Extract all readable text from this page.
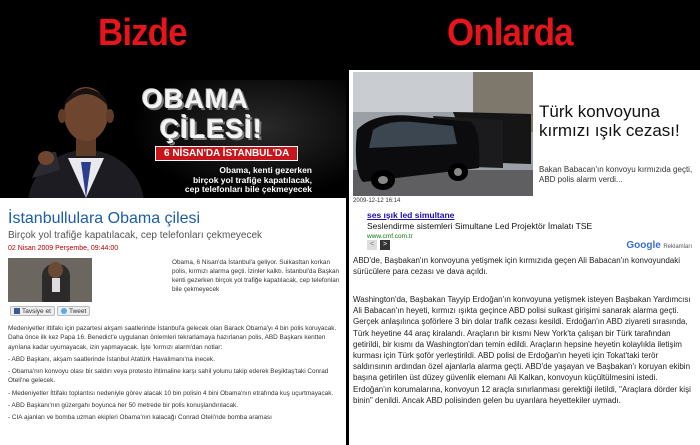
Bizde	Onlarda
OBAMA
ÇİLESİ!
6 NİSAN'DA İSTANBUL'DA
Obama, kenti gezerken
birçok yol trafiğe kapatılacak,
cep telefonları bile çekmeyecek
İstanbullulara Obama çilesi
Birçok yol trafiğe kapatılacak, cep telefonları çekmeyecek
02 Nisan 2009 Perşembe, 09:44:00
Tavsiye et	Tweet
Obama, 6 Nisan'da İstanbul'a geliyor. Suikasttan korkan polis, kırmızı alarma geçti. İzinler kalktı. İstanbul'da Başkan kenti gezerken birçok yol trafiğe kapatılacak, cep telefonları bile çekmeyecek

Medeniyetler ittifakı için pazartesi akşam saatlerinde İstanbul'a gelecek olan Barack Obama'yı 4 bin polis koruyacak. Daha önce ilk kez Papa 16. Benedict'e uygulanan önlemleri tekrarlamaya hazırlanan polis, ABD Başkanı kentten ayrılana kadar uyumayacak, izin yapmayacak. İşte 'kırmızı alarm'dan notlar:

- ABD Başkanı, akşam saatlerinde İstanbul Atatürk Havalimanı'na inecek.

- Obama'nın konvoyu olası bir saldırı veya protesto ihtimaline karşı sahil yolunu takip ederek Beşiktaş'taki Conrad Oteli'ne gelecek.

- Medeniyetler İttifakı toplantısı nedeniyle görev alacak 10 bin polisin 4 bini Obama'nın etrafında kuş uçurtmayacak.

- ABD Başkanı'nın güzergahı boyunca her 50 metrede bir polis konuşlandırılacak.

- CIA ajanları ve bomba uzman ekipleri Obama'nın kalacağı Conrad Oteli'nde bomba araması

2009-12-12 16:14
Türk konvoyuna kırmızı ışık cezası!
Bakan Babacan'ın konvoyu kırmızıda geçti, ABD polis alarm verdi...
ses ışık led simultane
Seslendirme sistemleri Simultane Led Projektör İmalatı TSE
www.cmf.com.tr
<	>	Google Reklamları
ABD'de, Başbakan'ın konvoyuna yetişmek için kırmızıda geçen Ali Babacan'ın konvoyundaki sürücülere para cezası ve dava açıldı.
Washington'da, Başbakan Tayyip Erdoğan'ın konvoyuna yetişmek isteyen Başbakan Yardımcısı Ali Babacan'ın heyeti, kırmızı ışıkta geçince ABD polisi suikast girişimi sanarak alarma geçti. Gerçek anlaşılınca şoförlere 3 bin dolar trafik cezası kesildi. Erdoğan'ın ABD ziyareti sırasında, Türk heyetine 44 araç kiralandı. Araçların bir kısmı New York'ta çalışan bir Türk tarafından getirildi, bir kısmı da Washington'dan temin edildi. Araçların hepsine heyetin kolaylıkla iletişim kurması için Türk şoför yerleştirildi. ABD polisi de Erdoğan'ın heyeti için Tokat'taki terör saldırısının ardından özel ajanlarla alarma geçti. ABD'de yaşayan ve Başbakan'ı koruyan ekibin başına getirilen üst düzey güvenlik elemanı Ali Kalkan, konvoyun küçültülmesini istedi. Erdoğan'ın korumalarına, konvoyun 12 araçla sınırlanması gerektiği iletildi, "Araçlara dörder kişi binin" denildi. Ancak ABD polisinden gelen bu uyarılara heyettekiler uymadı.
